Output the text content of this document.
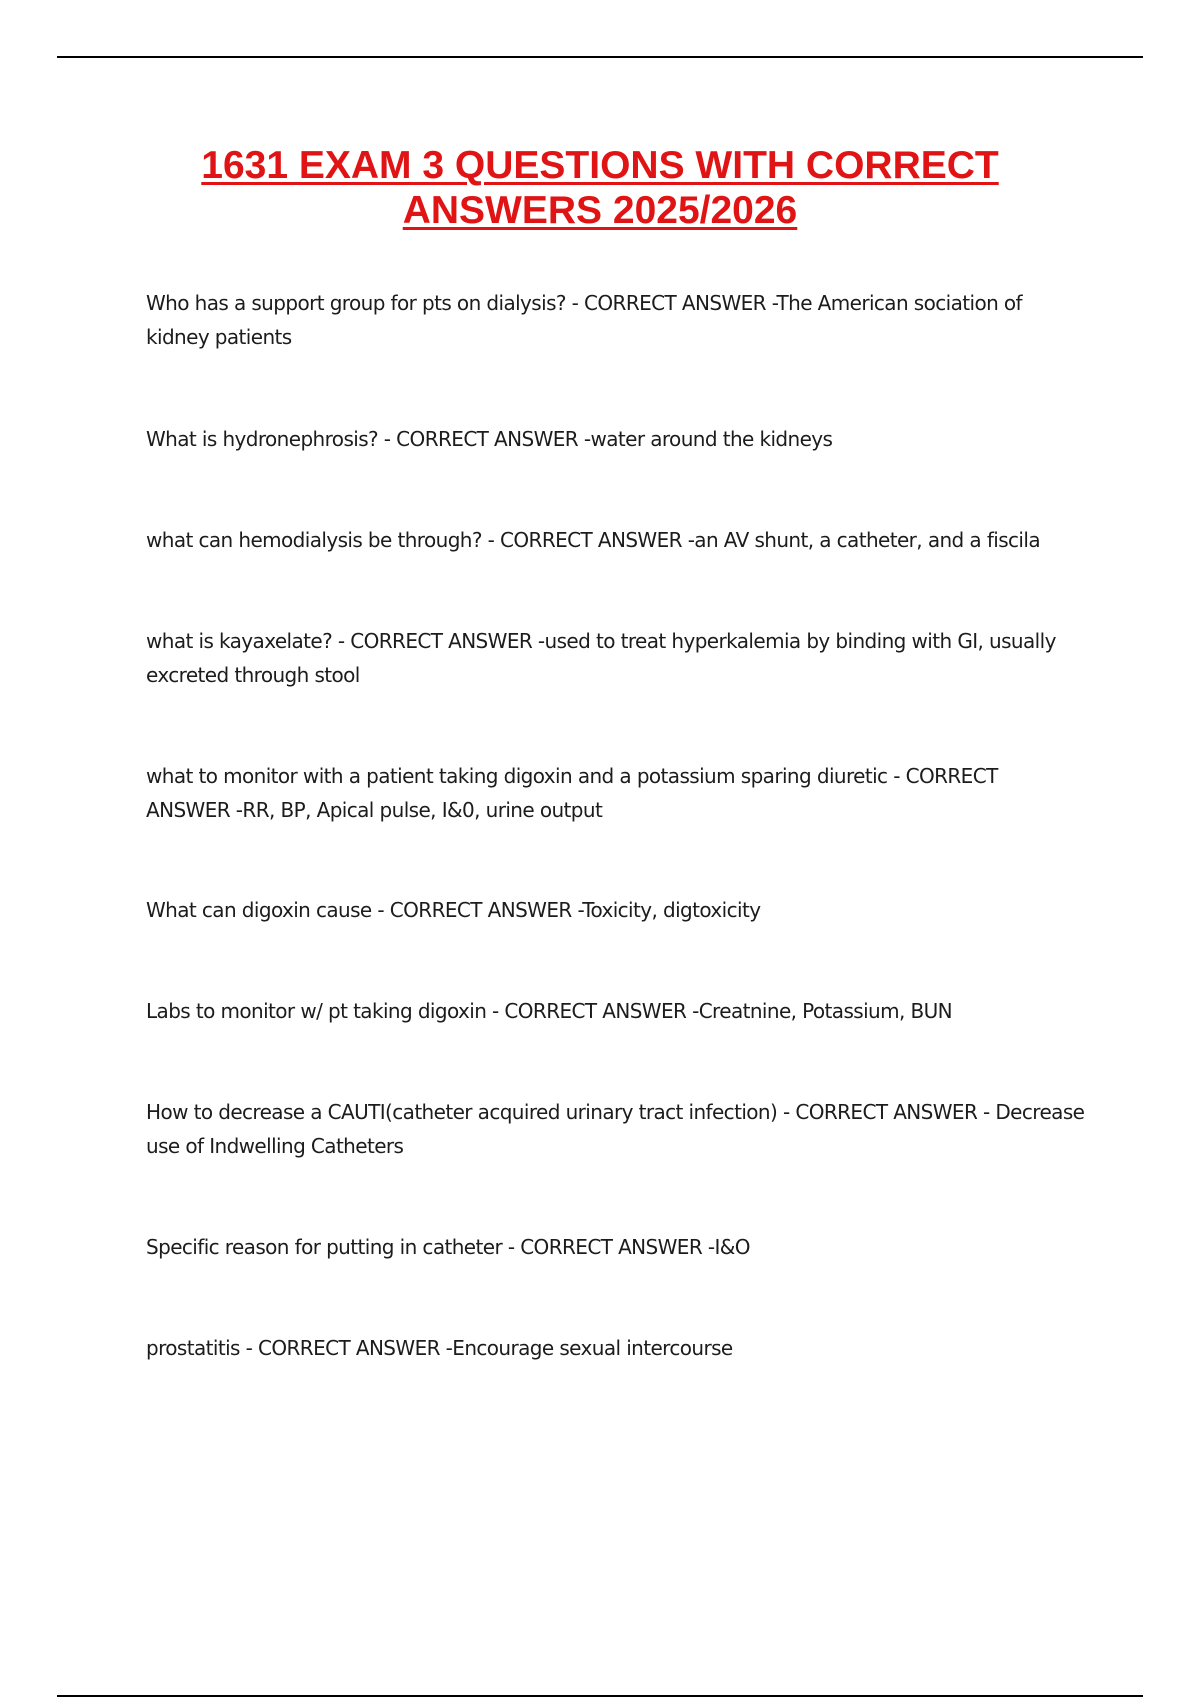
1631 EXAM 3 QUESTIONS WITH CORRECT
ANSWERS 2025/2026

Who has a support group for pts on dialysis? - CORRECT ANSWER -The American sociation of kidney patients

What is hydronephrosis? - CORRECT ANSWER -water around the kidneys

what can hemodialysis be through? - CORRECT ANSWER -an AV shunt, a catheter, and a fiscila

what is kayaxelate? - CORRECT ANSWER -used to treat hyperkalemia by binding with GI, usually excreted through stool

what to monitor with a patient taking digoxin and a potassium sparing diuretic - CORRECT ANSWER -RR, BP, Apical pulse, I&0, urine output

What can digoxin cause - CORRECT ANSWER -Toxicity, digtoxicity

Labs to monitor w/ pt taking digoxin - CORRECT ANSWER -Creatnine, Potassium, BUN

How to decrease a CAUTI(catheter acquired urinary tract infection) - CORRECT ANSWER - Decrease use of Indwelling Catheters

Specific reason for putting in catheter - CORRECT ANSWER -I&O

prostatitis - CORRECT ANSWER -Encourage sexual intercourse
